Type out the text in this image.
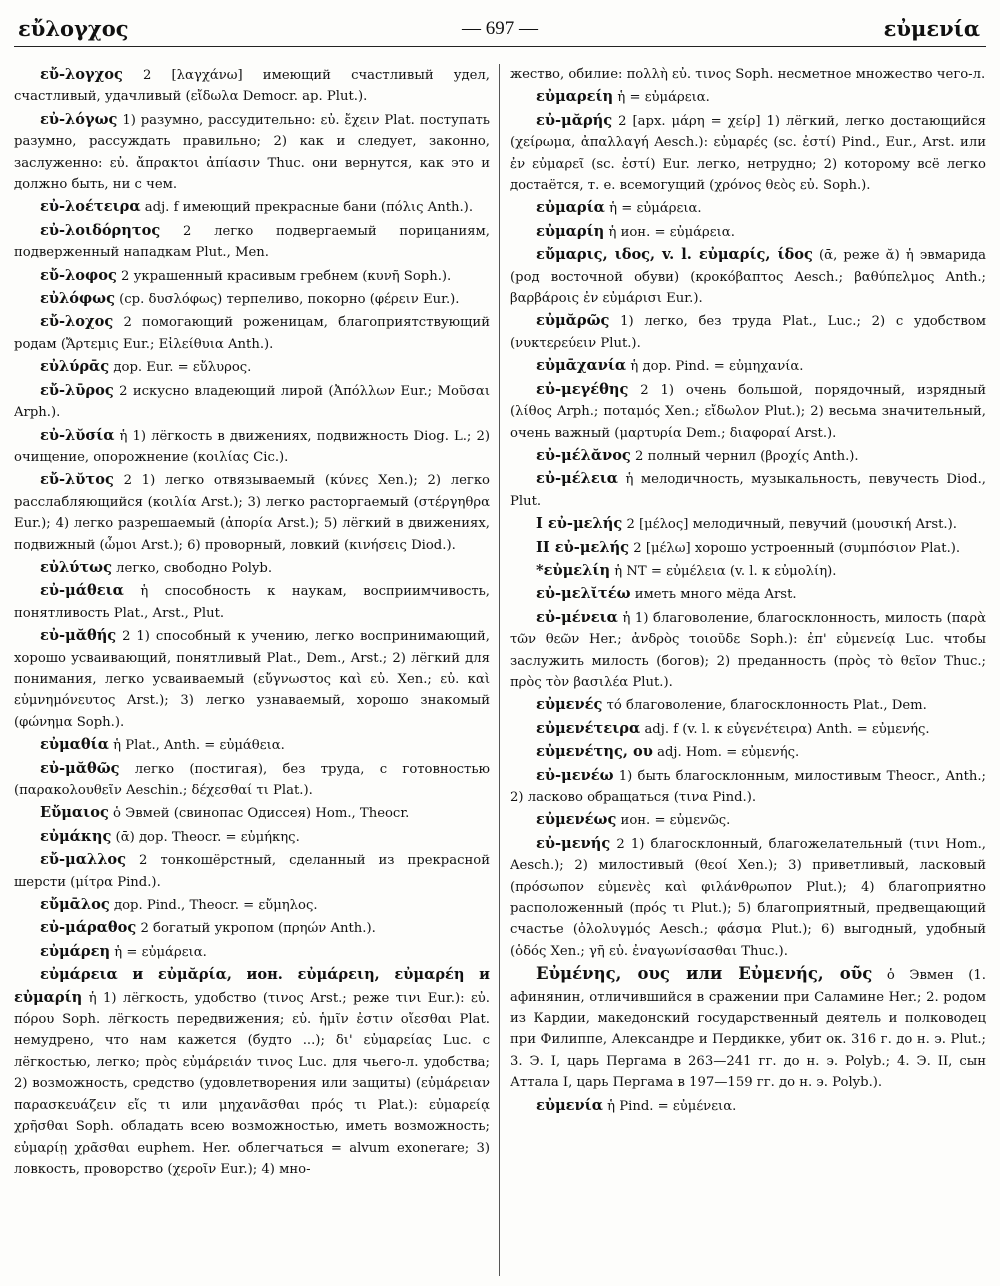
εὔλογχος	— 697 —	εὐμενία

εὔ-λογχος 2 [λαγχάνω] имеющий счастливый удел, счастливый, удачливый (εἴδωλα Democr. ap. Plut.).

εὐ-λόγως 1) разумно, рассудительно: εὐ. ἔχειν Plat. поступать разумно, рассуждать правильно; 2) как и следует, законно, заслуженно: εὐ. ἄπρακτοι ἀπίασιν Thuc. они вернутся, как это и должно быть, ни с чем.

εὐ-λοέτειρα adj. f имеющий прекрасные бани (πόλις Anth.).

εὐ-λοιδόρητος 2 легко подвергаемый порицаниям, подверженный нападкам Plut., Men.

εὔ-λοφος 2 украшенный красивым гребнем (κυνῆ Soph.).

εὐλόφως (ср. δυσλόφως) терпеливо, покорно (φέρειν Eur.).

εὔ-λοχος 2 помогающий роженицам, благоприятствующий родам (Ἄρτεμις Eur.; Εἰλείθυια Anth.).

εὐλύρᾱς дор. Eur. = εὔλυρος.

εὔ-λῡρος 2 искусно владеющий лирой (Ἀπόλλων Eur.; Μοῦσαι Arph.).

εὐ-λῠσία ἡ 1) лёгкость в движениях, подвижность Diog. L.; 2) очищение, опорожнение (κοιλίας Cic.).

εὔ-λῠτος 2 1) легко отвязываемый (κύνες Xen.); 2) легко расслабляющийся (κοιλία Arst.); 3) легко расторгаемый (στέργηθρα Eur.); 4) легко разрешаемый (ἀπορία Arst.); 5) лёгкий в движениях, подвижный (ὦμοι Arst.); 6) проворный, ловкий (κινήσεις Diod.).

εὐλύτως легко, свободно Polyb.

εὐ-μάθεια ἡ способность к наукам, восприимчивость, понятливость Plat., Arst., Plut.

εὐ-μᾰθής 2 1) способный к учению, легко воспринимающий, хорошо усваивающий, понятливый Plat., Dem., Arst.; 2) лёгкий для понимания, легко усваиваемый (εὔγνωστος καὶ εὐ. Xen.; εὐ. καὶ εὐμνημόνευτος Arst.); 3) легко узнаваемый, хорошо знакомый (φώνημα Soph.).

εὐμαθία ἡ Plat., Anth. = εὐμάθεια.

εὐ-μᾰθῶς легко (постигая), без труда, с готовностью (παρακολουθεῖν Aeschin.; δέχεσθαί τι Plat.).

Εὔμαιος ὁ Эвмей (свинопас Одиссея) Hom., Theocr.

εὐμάκης (ᾱ) дор. Theocr. = εὐμήκης.

εὔ-μαλλος 2 тонкошёрстный, сделанный из прекрасной шерсти (μίτρα Pind.).

εὔμᾱλος дор. Pind., Theocr. = εὔμηλος.

εὐ-μάραθος 2 богатый укропом (πρηών Anth.).

εὐμάρεη ἡ = εὐμάρεια.

εὐμάρεια и εὐμᾰρία, ион. εὐμάρειη, εὐμαρέη и εὐμαρίη ἡ 1) лёгкость, удобство (τινος Arst.; реже τινι Eur.): εὐ. πόρου Soph. лёгкость передвижения; εὐ. ἡμῖν ἐστιν οἴεσθαι Plat. немудрено, что нам кажется (будто ...); δι' εὐμαρείας Luc. с лёгкостью, легко; πρὸς εὐμάρειάν τινος Luc. для чьего-л. удобства; 2) возможность, средство (удовлетворения или защиты) (εὐμάρειαν παρασκευάζειν εἴς τι или μηχανᾶσθαι πρός τι Plat.): εὐμαρείᾳ χρῆσθαι Soph. обладать всею возможностью, иметь возможность; εὐμαρίῃ χρᾶσθαι euphem. Her. облегчаться = alvum exonerare; 3) ловкость, проворство (χεροῖν Eur.); 4) мно-

жество, обилие: πολλὴ εὐ. τινος Soph. несметное множество чего-л.

εὐμαρείη ἡ = εὐμάρεια.

εὐ-μᾰρής 2 [арх. μάρη = χείρ] 1) лёгкий, легко достающийся (χείρωμα, ἀπαλλαγή Aesch.): εὐμαρές (sc. ἐστί) Pind., Eur., Arst. или ἐν εὐμαρεῖ (sc. ἐστί) Eur. легко, нетрудно; 2) которому всё легко достаётся, т. е. всемогущий (χρόνος θεὸς εὐ. Soph.).

εὐμαρία ἡ = εὐμάρεια.

εὐμαρίη ἡ ион. = εὐμάρεια.

εὔμαρις, ιδος, v. l. εὐμαρίς, ίδος (ᾱ, реже ᾰ) ἡ эвмарида (род восточной обуви) (κροκόβαπτος Aesch.; βαθύπελμος Anth.; βαρβάροις ἐν εὐμάρισι Eur.).

εὐμᾰρῶς 1) легко, без труда Plat., Luc.; 2) с удобством (νυκτερεύειν Plut.).

εὐμᾱχανία ἡ дор. Pind. = εὐμηχανία.

εὐ-μεγέθης 2 1) очень большой, порядочный, изрядный (λίθος Arph.; ποταμός Xen.; εἴδωλον Plut.); 2) весьма значительный, очень важный (μαρτυρία Dem.; διαφοραί Arst.).

εὐ-μέλᾰνος 2 полный чернил (βροχίς Anth.).

εὐ-μέλεια ἡ мелодичность, музыкальность, певучесть Diod., Plut.

I εὐ-μελής 2 [μέλος] мелодичный, певучий (μουσική Arst.).

II εὐ-μελής 2 [μέλω] хорошо устроенный (συμπόσιον Plat.).

*εὐμελίη ἡ NT = εὐμέλεια (v. l. к εὐμολίη).

εὐ-μελῐτέω иметь много мёда Arst.

εὐ-μένεια ἡ 1) благоволение, благосклонность, милость (παρὰ τῶν θεῶν Her.; ἀνδρὸς τοιοῦδε Soph.): ἐπ' εὐμενείᾳ Luc. чтобы заслужить милость (богов); 2) преданность (πρὸς τὸ θεῖον Thuc.; πρὸς τὸν βασιλέα Plut.).

εὐμενές τό благоволение, благосклонность Plat., Dem.

εὐμενέτειρα adj. f (v. l. к εὐγενέτειρα) Anth. = εὐμενής.

εὐμενέτης, ου adj. Hom. = εὐμενής.

εὐ-μενέω 1) быть благосклонным, милостивым Theocr., Anth.; 2) ласково обращаться (τινα Pind.).

εὐμενέως ион. = εὐμενῶς.

εὐ-μενής 2 1) благосклонный, благожелательный (τινι Hom., Aesch.); 2) милостивый (θεοί Xen.); 3) приветливый, ласковый (πρόσωπον εὐμενὲς καὶ φιλάνθρωπον Plut.); 4) благоприятно расположенный (πρός τι Plut.); 5) благоприятный, предвещающий счастье (ὀλολυγμός Aesch.; φάσμα Plut.); 6) выгодный, удобный (ὁδός Xen.; γῆ εὐ. ἐναγωνίσασθαι Thuc.).

Εὐμένης, ους или Εὐμενής, οῦς ὁ Эвмен (1. афинянин, отличившийся в сражении при Саламине Her.; 2. родом из Кардии, македонский государственный деятель и полководец при Филиппе, Александре и Пердикке, убит ок. 316 г. до н. э. Plut.; 3. Э. I, царь Пергама в 263—241 гг. до н. э. Polyb.; 4. Э. II, сын Аттала I, царь Пергама в 197—159 гг. до н. э. Polyb.).

εὐμενία ἡ Pind. = εὐμένεια.
